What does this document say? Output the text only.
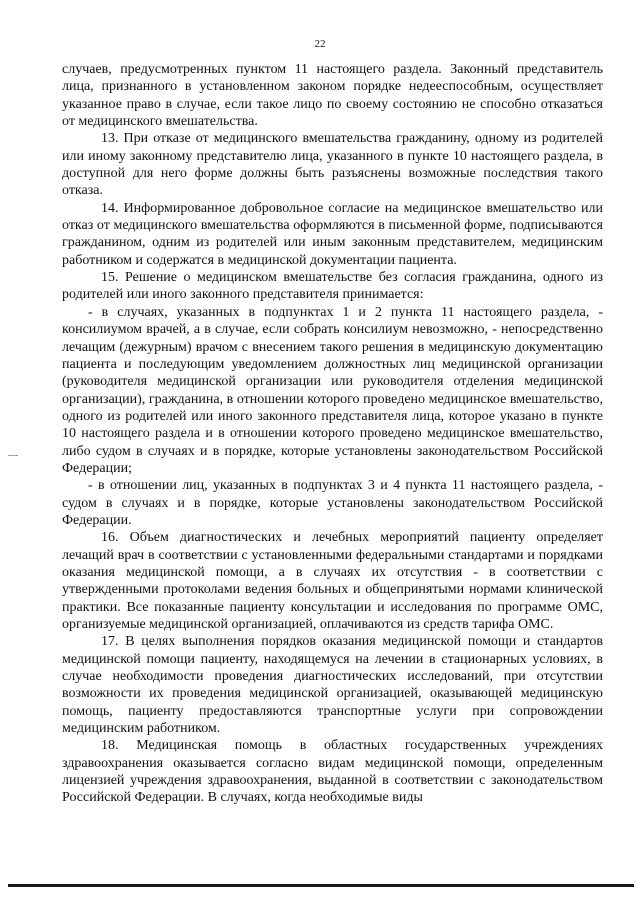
22

случаев, предусмотренных пунктом 11 настоящего раздела. Законный представитель лица, признанного в установленном законом порядке недееспособным, осуществляет указанное право в случае, если такое лицо по своему состоянию не способно отказаться от медицинского вмешательства.

13. При отказе от медицинского вмешательства гражданину, одному из родителей или иному законному представителю лица, указанного в пункте 10 настоящего раздела, в доступной для него форме должны быть разъяснены возможные последствия такого отказа.

14. Информированное добровольное согласие на медицинское вмешательство или отказ от медицинского вмешательства оформляются в письменной форме, подписываются гражданином, одним из родителей или иным законным представителем, медицинским работником и содержатся в медицинской документации пациента.

15. Решение о медицинском вмешательстве без согласия гражданина, одного из родителей или иного законного представителя принимается:

- в случаях, указанных в подпунктах 1 и 2 пункта 11 настоящего раздела, - консилиумом врачей, а в случае, если собрать консилиум невозможно, - непосредственно лечащим (дежурным) врачом с внесением такого решения в медицинскую документацию пациента и последующим уведомлением должностных лиц медицинской организации (руководителя медицинской организации или руководителя отделения медицинской организации), гражданина, в отношении которого проведено медицинское вмешательство, одного из родителей или иного законного представителя лица, которое указано в пункте 10 настоящего раздела и в отношении которого проведено медицинское вмешательство, либо судом в случаях и в порядке, которые установлены законодательством Российской Федерации;

- в отношении лиц, указанных в подпунктах 3 и 4 пункта 11 настоящего раздела, - судом в случаях и в порядке, которые установлены законодательством Российской Федерации.

16. Объем диагностических и лечебных мероприятий пациенту определяет лечащий врач в соответствии с установленными федеральными стандартами и порядками оказания медицинской помощи, а в случаях их отсутствия - в соответствии с утвержденными протоколами ведения больных и общепринятыми нормами клинической практики. Все показанные пациенту консультации и исследования по программе ОМС, организуемые медицинской организацией, оплачиваются из средств тарифа ОМС.

17. В целях выполнения порядков оказания медицинской помощи и стандартов медицинской помощи пациенту, находящемуся на лечении в стационарных условиях, в случае необходимости проведения диагностических исследований, при отсутствии возможности их проведения медицинской организацией, оказывающей медицинскую помощь, пациенту предоставляются транспортные услуги при сопровождении медицинским работником.

18. Медицинская помощь в областных государственных учреждениях здравоохранения оказывается согласно видам медицинской помощи, определенным лицензией учреждения здравоохранения, выданной в соответствии с законодательством Российской Федерации. В случаях, когда необходимые виды
